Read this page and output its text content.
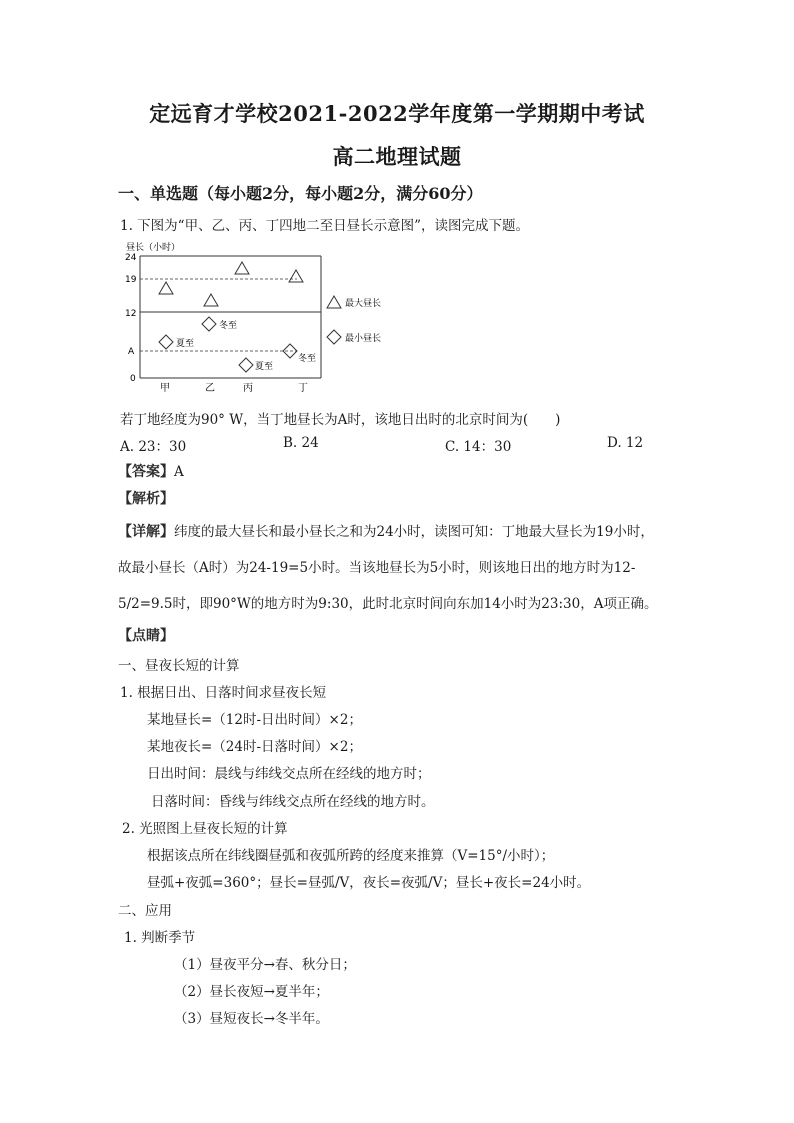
定远育才学校2021-2022学年度第一学期期中考试
高二地理试题
一、单选题（每小题2分，每小题2分，满分60分）
1. 下图为“甲、乙、丙、丁四地二至日昼长示意图”，读图完成下题。
昼长（小时）
24
19
12
A
0
甲	乙	丙	丁
夏至
冬至
夏至
冬至
最大昼长
最小昼长
若丁地经度为90° W，当丁地昼长为A时，该地日出时的北京时间为(　　)
A. 23：30	B. 24	C. 14：30	D. 12
【答案】A
【解析】
【详解】纬度的最大昼长和最小昼长之和为24小时，读图可知：丁地最大昼长为19小时，
故最小昼长（A时）为24-19=5小时。当该地昼长为5小时，则该地日出的地方时为12-
5/2=9.5时，即90°W的地方时为9:30，此时北京时间向东加14小时为23:30，A项正确。
【点睛】
一、昼夜长短的计算
1. 根据日出、日落时间求昼夜长短
某地昼长=（12时-日出时间）×2；
某地夜长=（24时-日落时间）×2；
日出时间：晨线与纬线交点所在经线的地方时；
日落时间：昏线与纬线交点所在经线的地方时。
2. 光照图上昼夜长短的计算
根据该点所在纬线圈昼弧和夜弧所跨的经度来推算（V=15°/小时）；
昼弧+夜弧=360°；昼长=昼弧/V，夜长=夜弧/V；昼长+夜长=24小时。
二、应用
1. 判断季节
（1）昼夜平分→春、秋分日；
（2）昼长夜短→夏半年；
（3）昼短夜长→冬半年。
